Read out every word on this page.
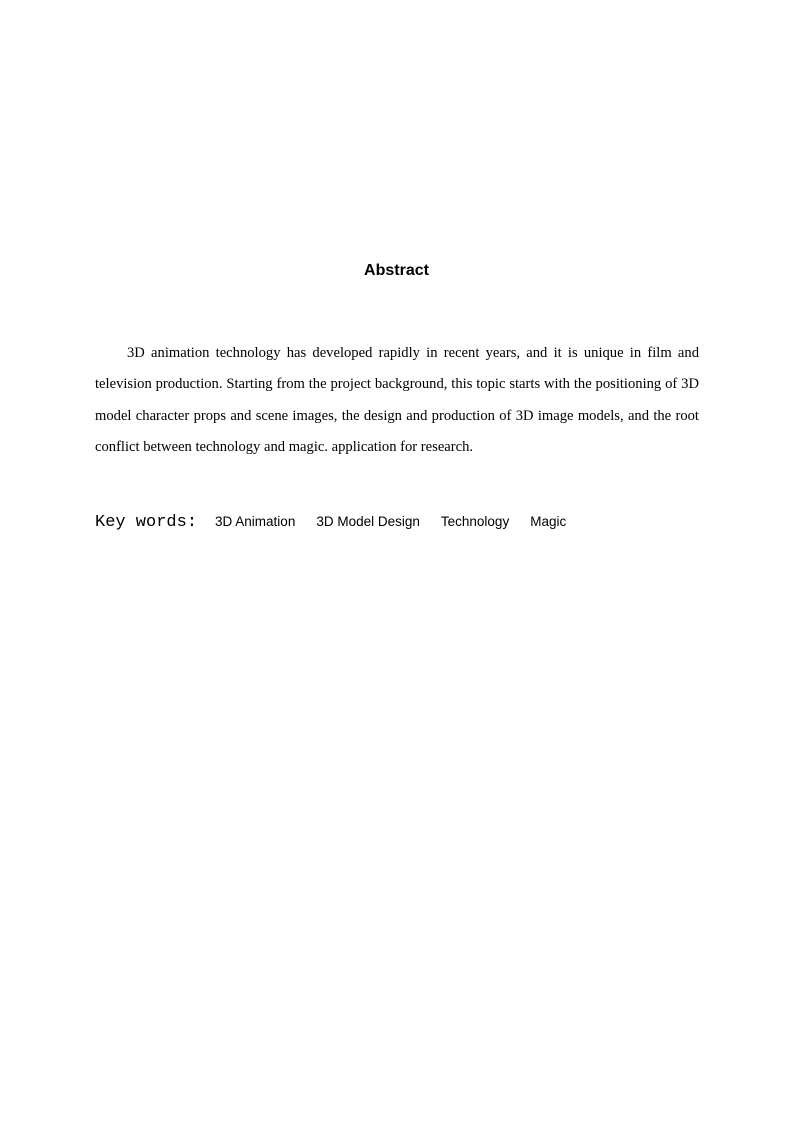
Abstract

3D animation technology has developed rapidly in recent years, and it is unique in film and television production. Starting from the project background, this topic starts with the positioning of 3D model character props and scene images, the design and production of 3D image models, and the root conflict between technology and magic. application for research.

Key words: 3D Animation 3D Model Design Technology Magic
